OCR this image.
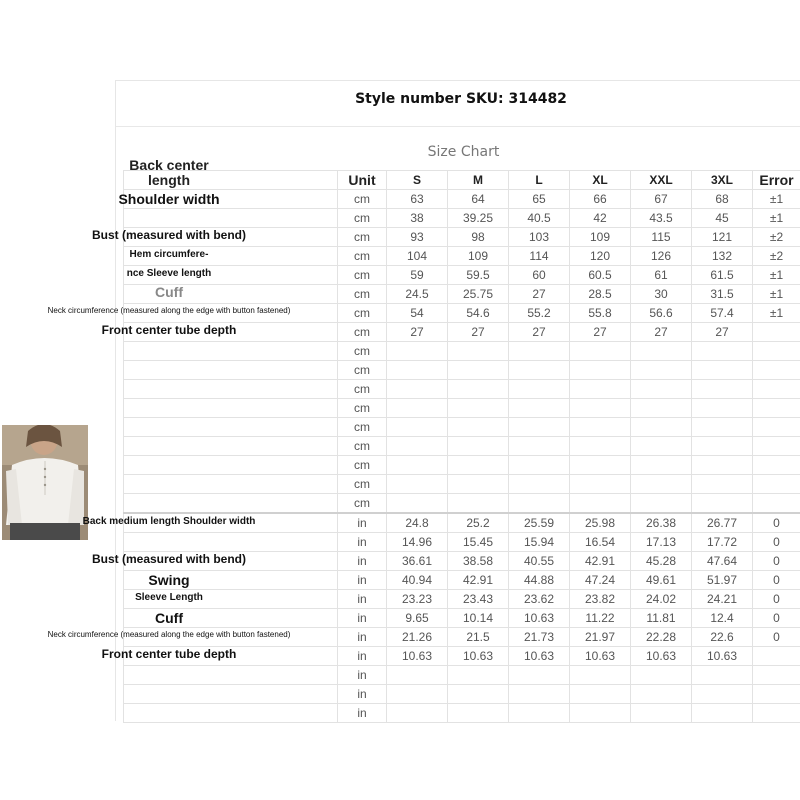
Style number SKU: 314482
Size Chart
Back center
length	Unit	S	M	L	XL	XXL	3XL	Error

Shoulder width	cm	63	64	65	66	67	68	±1

	cm	38	39.25	40.5	42	43.5	45	±1

Bust (measured with bend)	cm	93	98	103	109	115	121	±2

Hem circumfere-	cm	104	109	114	120	126	132	±2

nce Sleeve length	cm	59	59.5	60	60.5	61	61.5	±1

Cuff	cm	24.5	25.75	27	28.5	30	31.5	±1

Neck circumference (measured along the edge with button fastened)	cm	54	54.6	55.2	55.8	56.6	57.4	±1

Front center tube depth	cm	27	27	27	27	27	27	
	cm							
	cm							
	cm							
	cm							
	cm							
	cm							
	cm							
	cm							
	cm							

Back medium length Shoulder width	in	24.8	25.2	25.59	25.98	26.38	26.77	0

	in	14.96	15.45	15.94	16.54	17.13	17.72	0

Bust (measured with bend)	in	36.61	38.58	40.55	42.91	45.28	47.64	0

Swing	in	40.94	42.91	44.88	47.24	49.61	51.97	0

Sleeve Length	in	23.23	23.43	23.62	23.82	24.02	24.21	0

Cuff	in	9.65	10.14	10.63	11.22	11.81	12.4	0

Neck circumference (measured along the edge with button fastened)	in	21.26	21.5	21.73	21.97	22.28	22.6	0

Front center tube depth	in	10.63	10.63	10.63	10.63	10.63	10.63	
	in							
	in							
	in							
